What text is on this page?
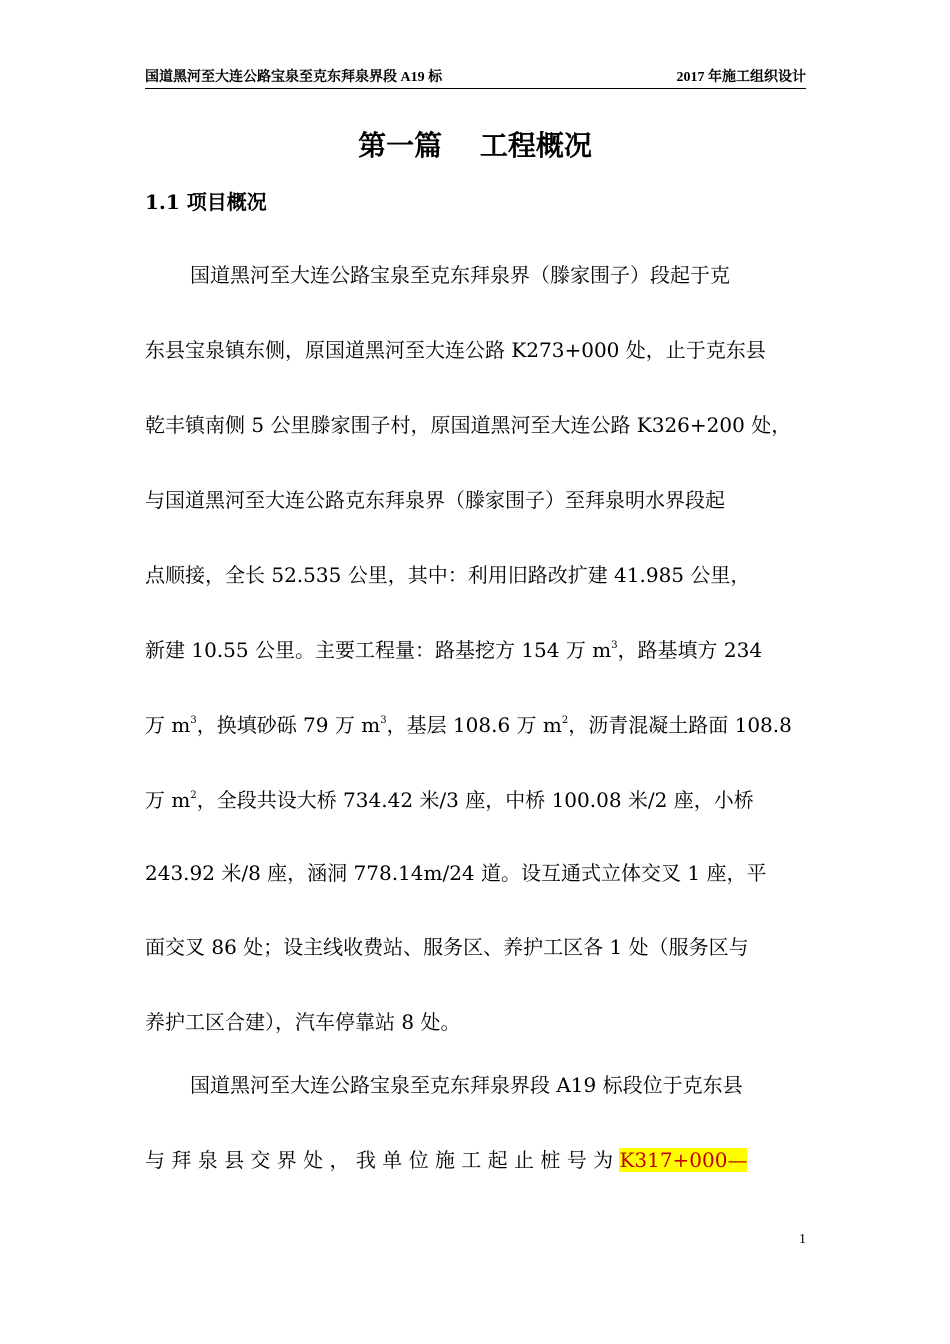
国道黑河至大连公路宝泉至克东拜泉界段 A19 标	2017 年施工组织设计
第一篇　 工程概况
1.1 项目概况
国道黑河至大连公路宝泉至克东拜泉界（滕家围子）段起于克
东县宝泉镇东侧，原国道黑河至大连公路 K273+000 处，止于克东县
乾丰镇南侧 5 公里滕家围子村，原国道黑河至大连公路 K326+200 处，
与国道黑河至大连公路克东拜泉界（滕家围子）至拜泉明水界段起
点顺接，全长 52.535 公里，其中：利用旧路改扩建 41.985 公里，
新建 10.55 公里。主要工程量：路基挖方 154 万 $m^3$，路基填方 234
万 $m^3$，换填砂砾 79 万 $m^3$，基层 108.6 万 $m^2$，沥青混凝土路面 108.8
万 $m^2$，全段共设大桥 734.42 米/3 座，中桥 100.08 米/2 座，小桥
243.92 米/8 座，涵洞 778.14m/24 道。设互通式立体交叉 1 座，平
面交叉 86 处；设主线收费站、服务区、养护工区各 1 处（服务区与
养护工区合建），汽车停靠站 8 处。
国道黑河至大连公路宝泉至克东拜泉界段 A19 标段位于克东县
与 拜 泉 县 交 界 处 ， 我 单 位 施 工 起 止 桩 号 为 K317+000—
1
